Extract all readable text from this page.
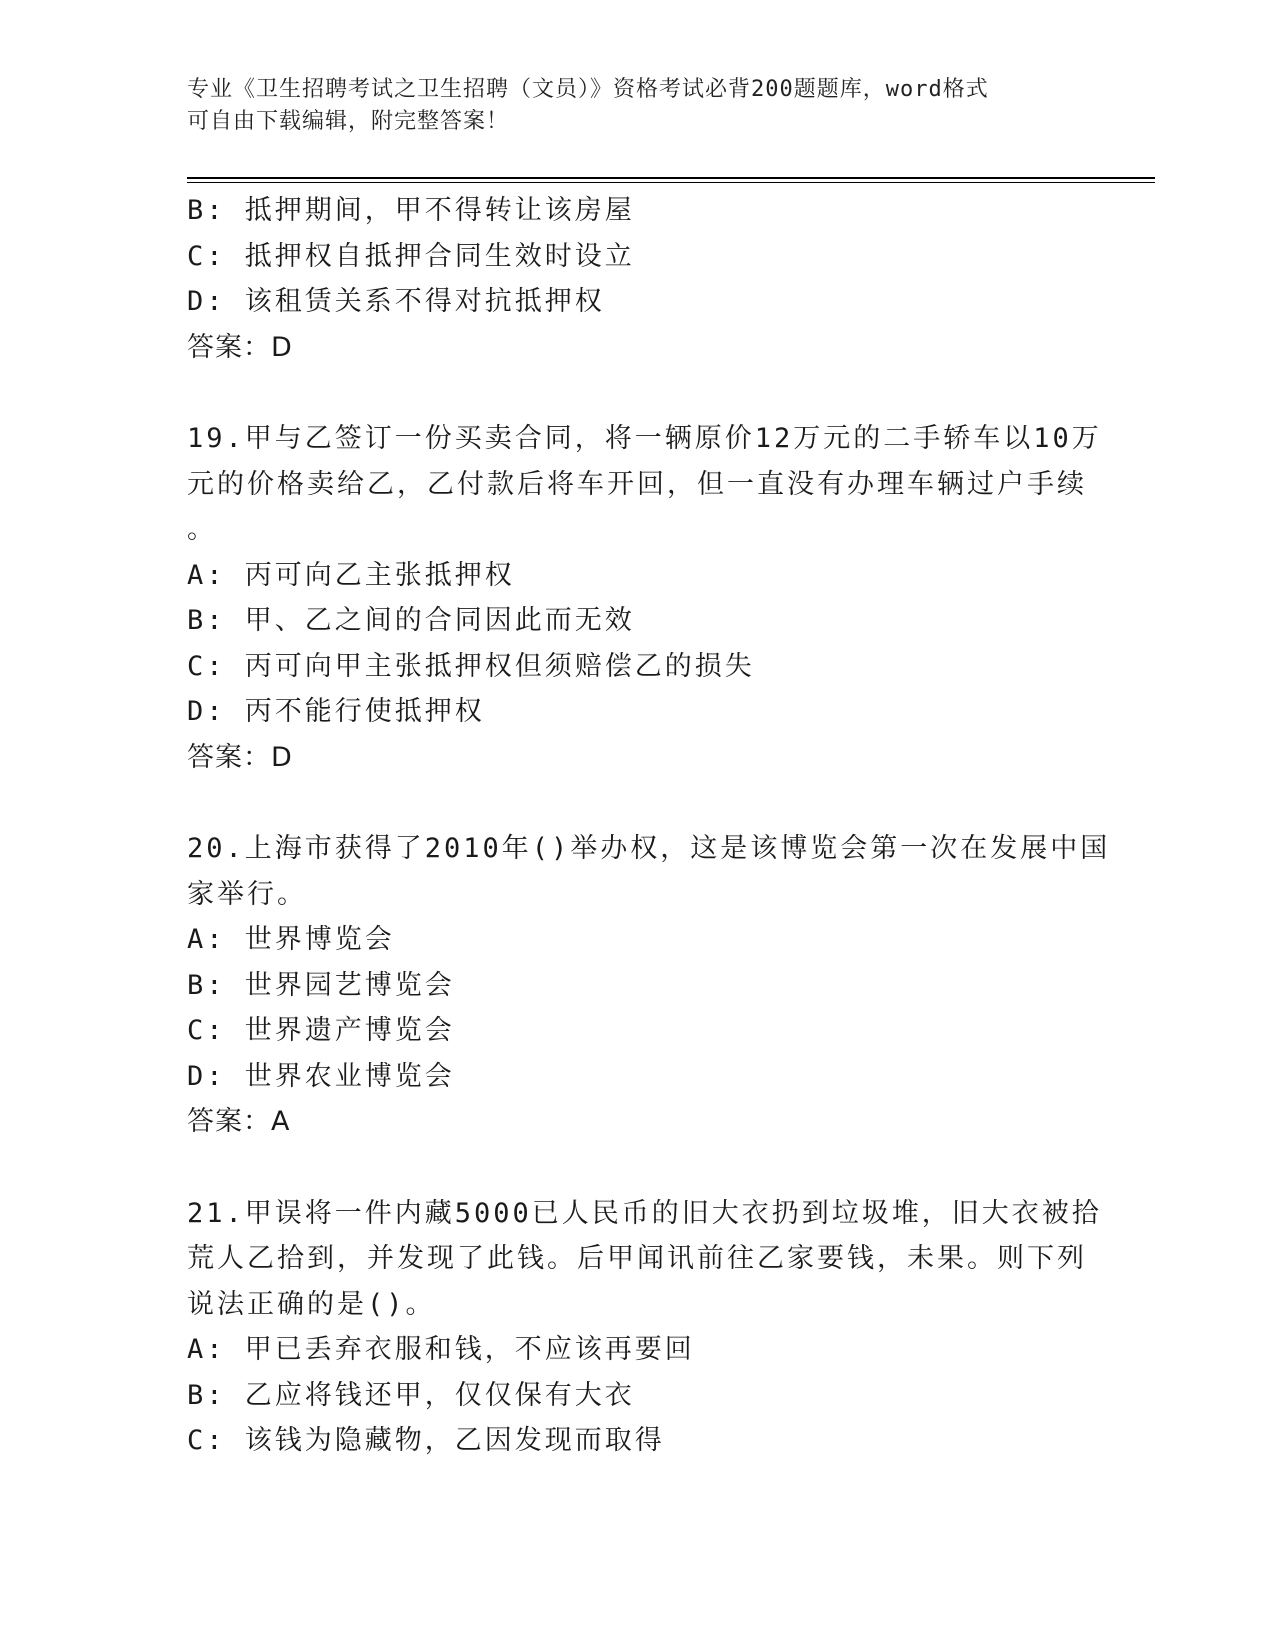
专业《卫生招聘考试之卫生招聘（文员）》资格考试必背200题题库，word格式
可自由下载编辑，附完整答案！
B: 抵押期间，甲不得转让该房屋
C: 抵押权自抵押合同生效时设立
D: 该租赁关系不得对抗抵押权
答案：D
19.甲与乙签订一份买卖合同，将一辆原价12万元的二手轿车以10万
元的价格卖给乙，乙付款后将车开回，但一直没有办理车辆过户手续
。
A: 丙可向乙主张抵押权
B: 甲、乙之间的合同因此而无效
C: 丙可向甲主张抵押权但须赔偿乙的损失
D: 丙不能行使抵押权
答案：D
20.上海市获得了2010年()举办权，这是该博览会第一次在发展中国
家举行。
A: 世界博览会
B: 世界园艺博览会
C: 世界遗产博览会
D: 世界农业博览会
答案：A
21.甲误将一件内藏5000已人民币的旧大衣扔到垃圾堆，旧大衣被拾
荒人乙拾到，并发现了此钱。后甲闻讯前往乙家要钱，未果。则下列
说法正确的是()。
A: 甲已丢弃衣服和钱，不应该再要回
B: 乙应将钱还甲，仅仅保有大衣
C: 该钱为隐藏物，乙因发现而取得
